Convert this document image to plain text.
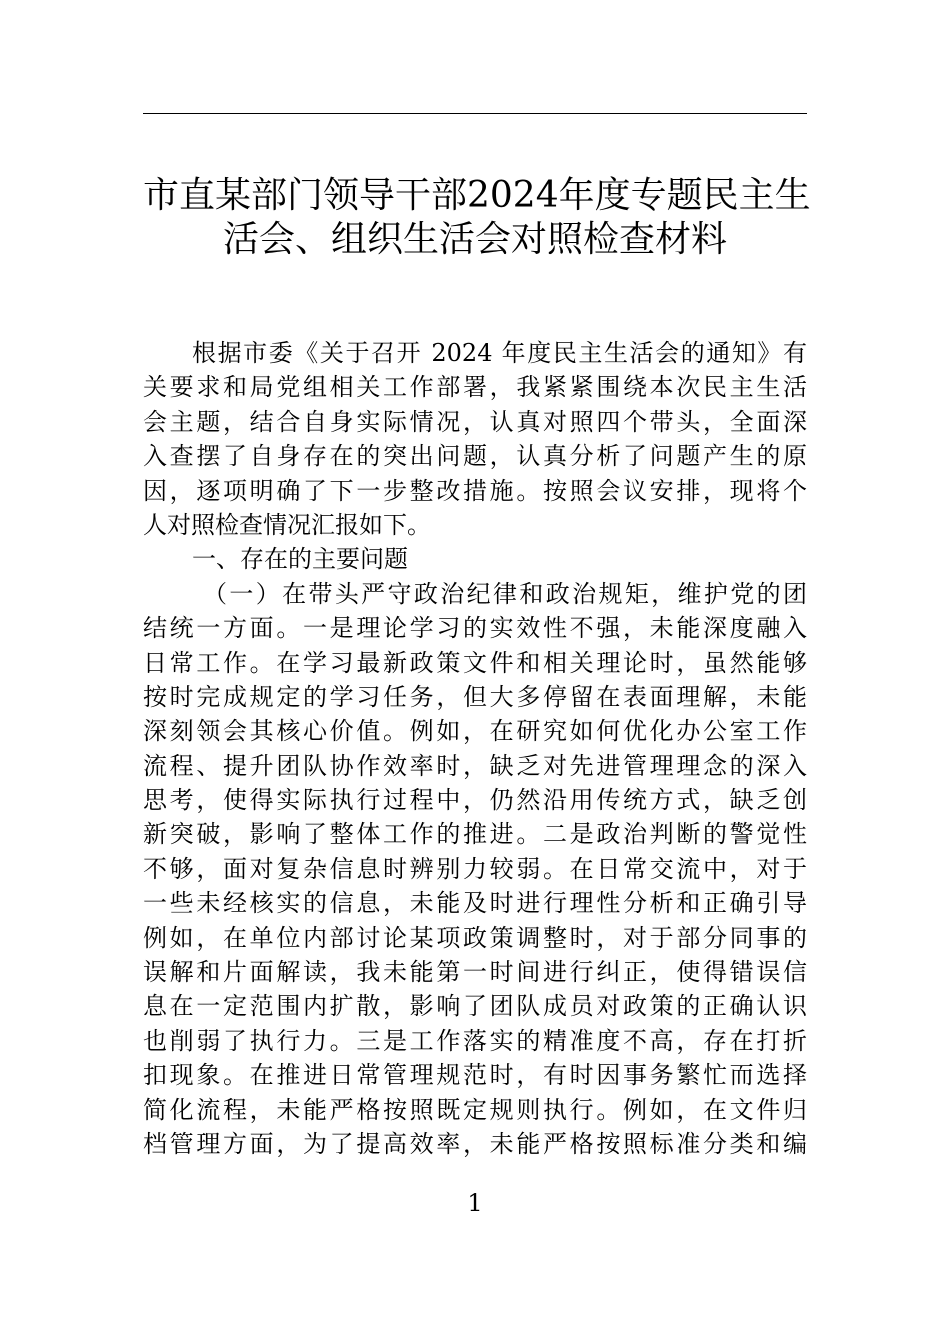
市直某部门领导干部2024年度专题民主生
活会、组织生活会对照检查材料
根据市委《关于召开 2024 年度民主生活会的通知》有
关要求和局党组相关工作部署，我紧紧围绕本次民主生活
会主题，结合自身实际情况，认真对照四个带头，全面深
入查摆了自身存在的突出问题，认真分析了问题产生的原
因，逐项明确了下一步整改措施。按照会议安排，现将个
人对照检查情况汇报如下。
一、存在的主要问题
（一）在带头严守政治纪律和政治规矩，维护党的团
结统一方面。一是理论学习的实效性不强，未能深度融入
日常工作。在学习最新政策文件和相关理论时，虽然能够
按时完成规定的学习任务，但大多停留在表面理解，未能
深刻领会其核心价值。例如，在研究如何优化办公室工作
流程、提升团队协作效率时，缺乏对先进管理理念的深入
思考，使得实际执行过程中，仍然沿用传统方式，缺乏创
新突破，影响了整体工作的推进。二是政治判断的警觉性
不够，面对复杂信息时辨别力较弱。在日常交流中，对于
一些未经核实的信息，未能及时进行理性分析和正确引导
例如，在单位内部讨论某项政策调整时，对于部分同事的
误解和片面解读，我未能第一时间进行纠正，使得错误信
息在一定范围内扩散，影响了团队成员对政策的正确认识
也削弱了执行力。三是工作落实的精准度不高，存在打折
扣现象。在推进日常管理规范时，有时因事务繁忙而选择
简化流程，未能严格按照既定规则执行。例如，在文件归
档管理方面，为了提高效率，未能严格按照标准分类和编
1
